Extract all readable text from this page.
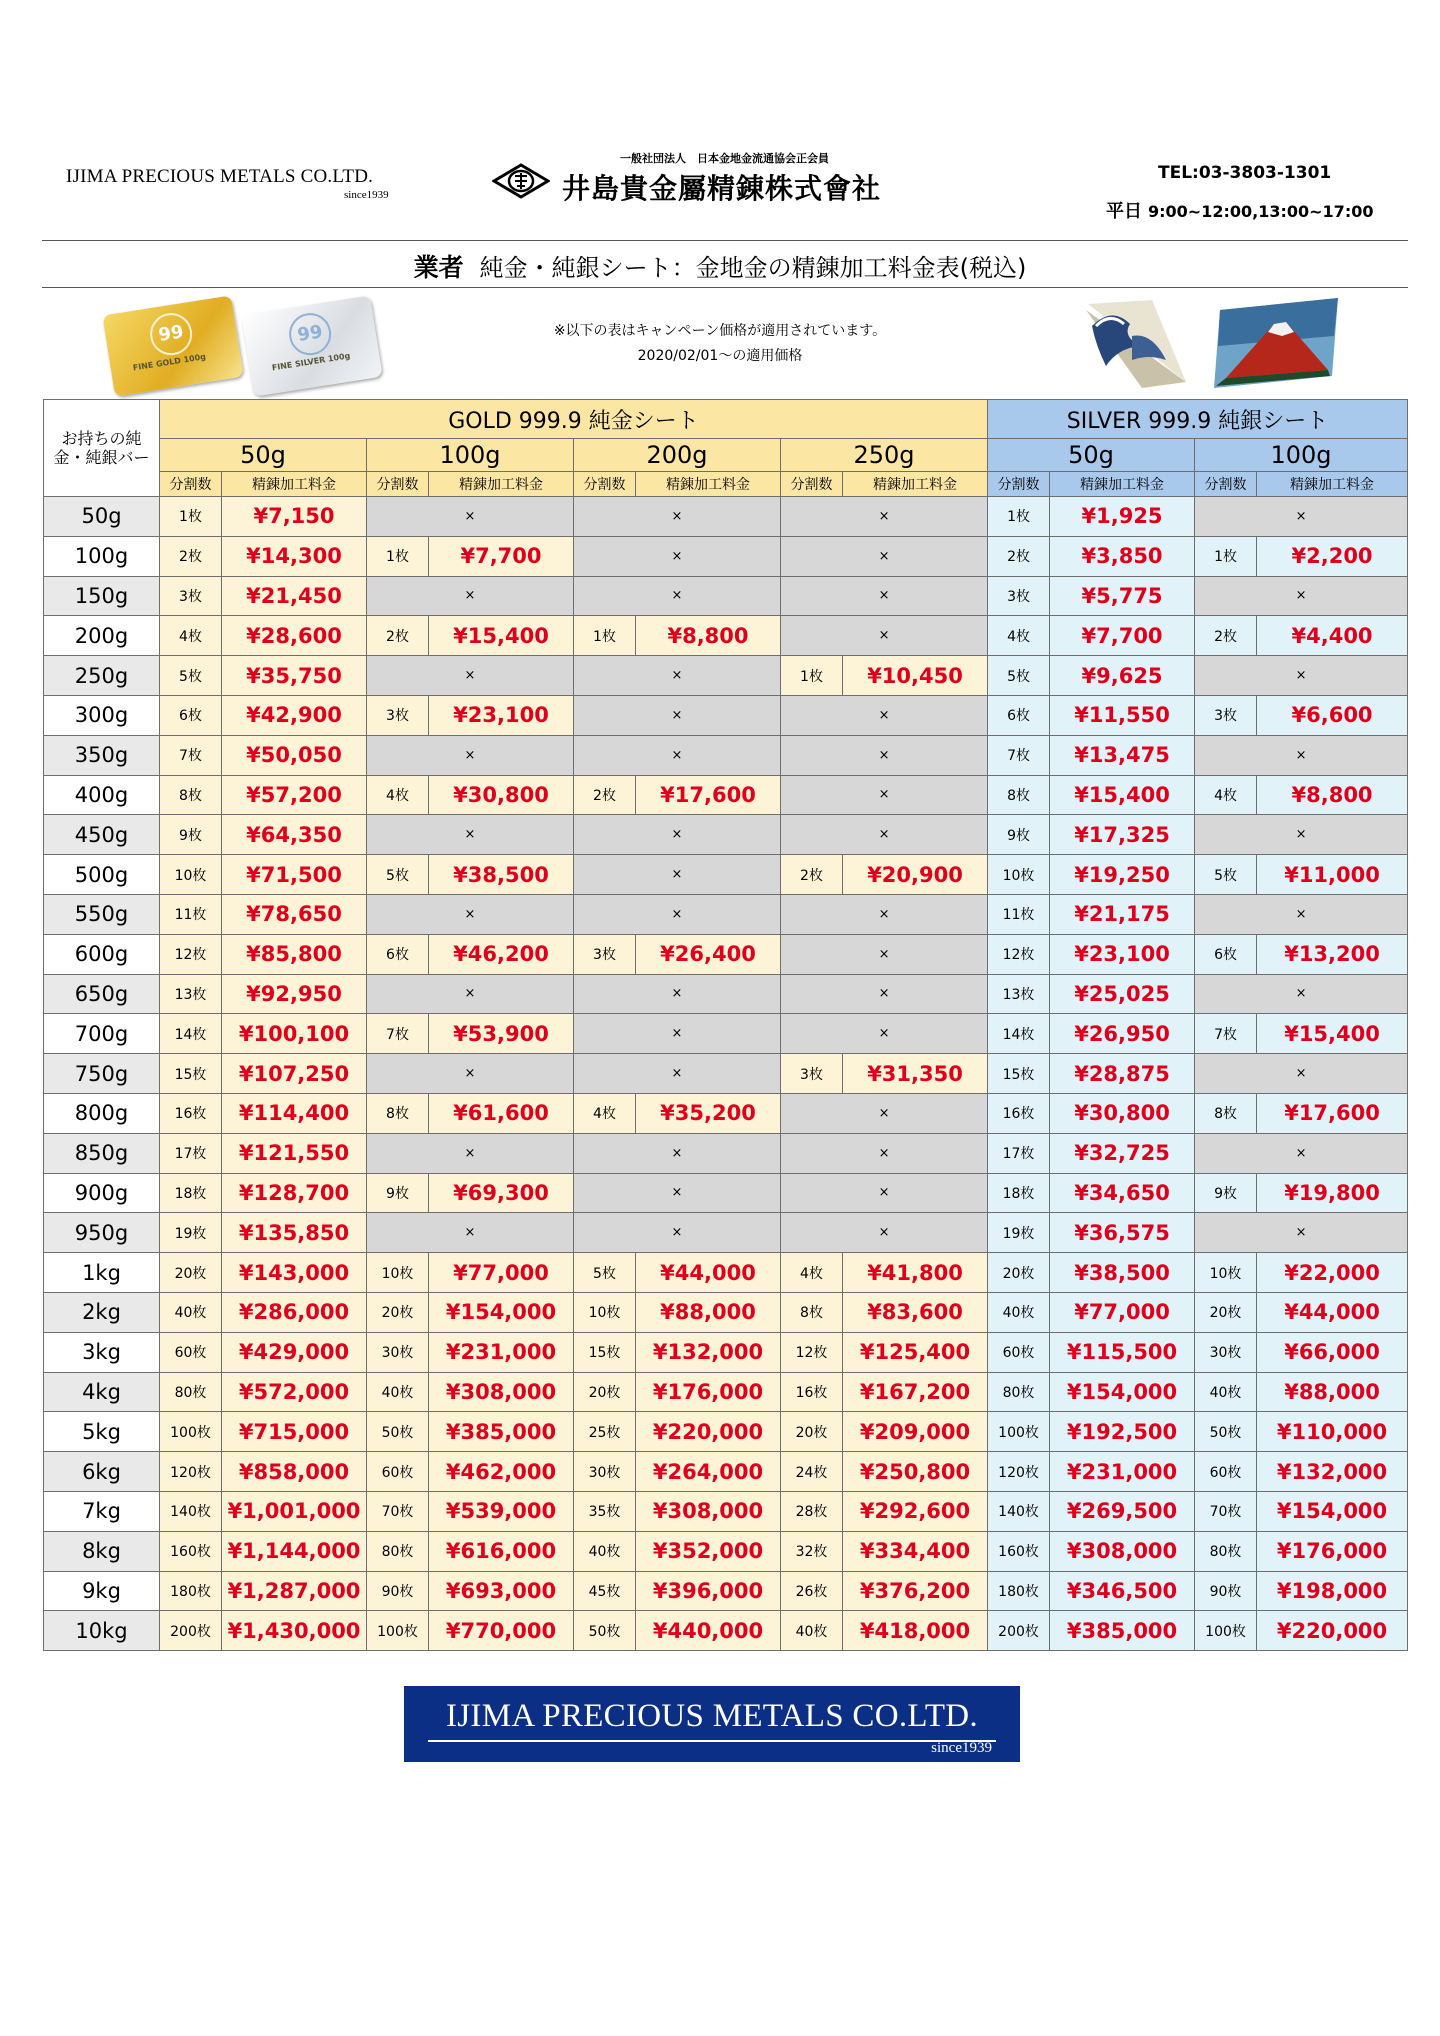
IJIMA PRECIOUS METALS CO.LTD.
since1939
一般社団法人　日本金地金流通協会正会員
井島貴金屬精錬株式會社	TEL:03-3803-1301
平日 9:00~12:00,13:00~17:00
業者 純金・純銀シート：金地金の精錬加工料金表(税込)
99
FINE GOLD 100g
99
FINE SILVER 100g
※以下の表はキャンペーン価格が適用されています。
2020/02/01～の適用価格
お持ちの純金・純銀バー	GOLD 999.9 純金シート								SILVER 999.9 純銀シート			
	50g		100g		200g		250g		50g		100g	
	分割数	精錬加工料金	分割数	精錬加工料金	分割数	精錬加工料金	分割数	精錬加工料金	分割数	精錬加工料金	分割数	精錬加工料金
50g	1枚	¥7,150	×		×		×		1枚	¥1,925	×	
100g	2枚	¥14,300	1枚	¥7,700	×		×		2枚	¥3,850	1枚	¥2,200
150g	3枚	¥21,450	×		×		×		3枚	¥5,775	×	
200g	4枚	¥28,600	2枚	¥15,400	1枚	¥8,800	×		4枚	¥7,700	2枚	¥4,400
250g	5枚	¥35,750	×		×		1枚	¥10,450	5枚	¥9,625	×	
300g	6枚	¥42,900	3枚	¥23,100	×		×		6枚	¥11,550	3枚	¥6,600
350g	7枚	¥50,050	×		×		×		7枚	¥13,475	×	
400g	8枚	¥57,200	4枚	¥30,800	2枚	¥17,600	×		8枚	¥15,400	4枚	¥8,800
450g	9枚	¥64,350	×		×		×		9枚	¥17,325	×	
500g	10枚	¥71,500	5枚	¥38,500	×		2枚	¥20,900	10枚	¥19,250	5枚	¥11,000
550g	11枚	¥78,650	×		×		×		11枚	¥21,175	×	
600g	12枚	¥85,800	6枚	¥46,200	3枚	¥26,400	×		12枚	¥23,100	6枚	¥13,200
650g	13枚	¥92,950	×		×		×		13枚	¥25,025	×	
700g	14枚	¥100,100	7枚	¥53,900	×		×		14枚	¥26,950	7枚	¥15,400
750g	15枚	¥107,250	×		×		3枚	¥31,350	15枚	¥28,875	×	
800g	16枚	¥114,400	8枚	¥61,600	4枚	¥35,200	×		16枚	¥30,800	8枚	¥17,600
850g	17枚	¥121,550	×		×		×		17枚	¥32,725	×	
900g	18枚	¥128,700	9枚	¥69,300	×		×		18枚	¥34,650	9枚	¥19,800
950g	19枚	¥135,850	×		×		×		19枚	¥36,575	×	
1kg	20枚	¥143,000	10枚	¥77,000	5枚	¥44,000	4枚	¥41,800	20枚	¥38,500	10枚	¥22,000
2kg	40枚	¥286,000	20枚	¥154,000	10枚	¥88,000	8枚	¥83,600	40枚	¥77,000	20枚	¥44,000
3kg	60枚	¥429,000	30枚	¥231,000	15枚	¥132,000	12枚	¥125,400	60枚	¥115,500	30枚	¥66,000
4kg	80枚	¥572,000	40枚	¥308,000	20枚	¥176,000	16枚	¥167,200	80枚	¥154,000	40枚	¥88,000
5kg	100枚	¥715,000	50枚	¥385,000	25枚	¥220,000	20枚	¥209,000	100枚	¥192,500	50枚	¥110,000
6kg	120枚	¥858,000	60枚	¥462,000	30枚	¥264,000	24枚	¥250,800	120枚	¥231,000	60枚	¥132,000
7kg	140枚	¥1,001,000	70枚	¥539,000	35枚	¥308,000	28枚	¥292,600	140枚	¥269,500	70枚	¥154,000
8kg	160枚	¥1,144,000	80枚	¥616,000	40枚	¥352,000	32枚	¥334,400	160枚	¥308,000	80枚	¥176,000
9kg	180枚	¥1,287,000	90枚	¥693,000	45枚	¥396,000	26枚	¥376,200	180枚	¥346,500	90枚	¥198,000
10kg	200枚	¥1,430,000	100枚	¥770,000	50枚	¥440,000	40枚	¥418,000	200枚	¥385,000	100枚	¥220,000
IJIMA PRECIOUS METALS CO.LTD.
since1939
